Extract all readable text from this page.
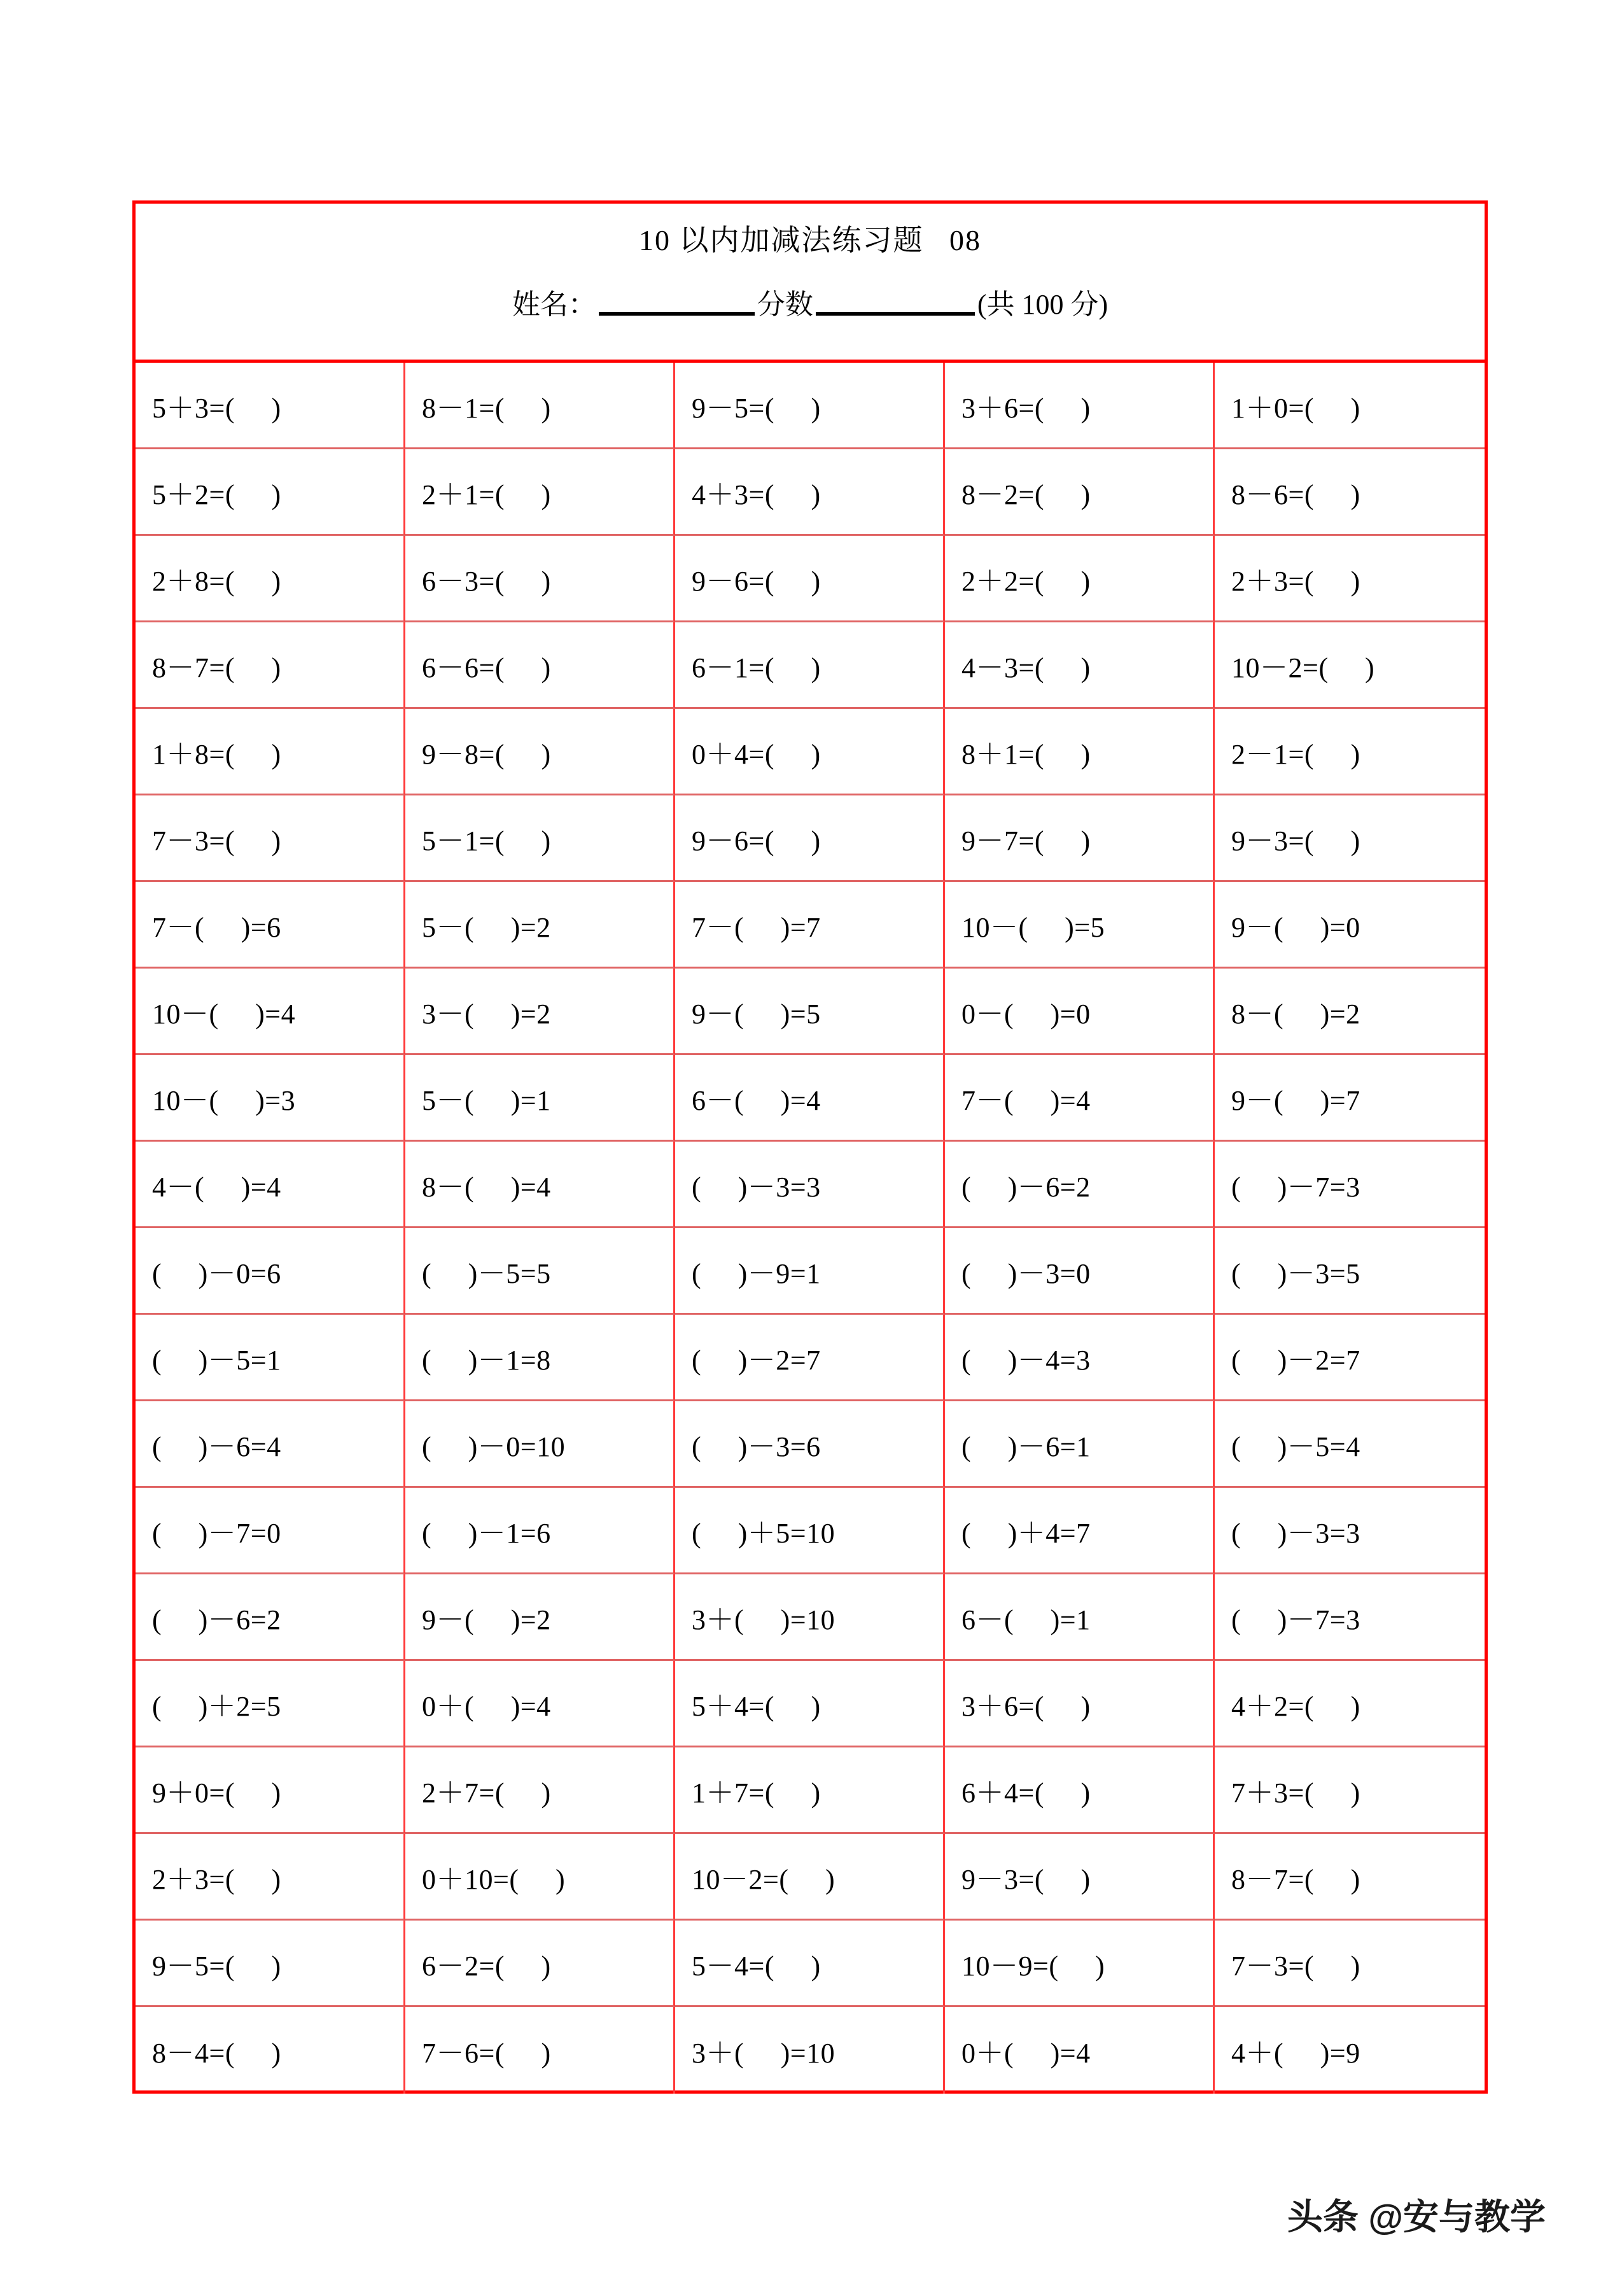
10 以内加减法练习题   08
姓名：	分数	(共 100 分)
5＋3=(     )	8－1=(     )	9－5=(     )	3＋6=(     )	1＋0=(     )
5＋2=(     )	2＋1=(     )	4＋3=(     )	8－2=(     )	8－6=(     )
2＋8=(     )	6－3=(     )	9－6=(     )	2＋2=(     )	2＋3=(     )
8－7=(     )	6－6=(     )	6－1=(     )	4－3=(     )	10－2=(     )
1＋8=(     )	9－8=(     )	0＋4=(     )	8＋1=(     )	2－1=(     )
7－3=(     )	5－1=(     )	9－6=(     )	9－7=(     )	9－3=(     )
7－(     )=6	5－(     )=2	7－(     )=7	10－(     )=5	9－(     )=0
10－(     )=4	3－(     )=2	9－(     )=5	0－(     )=0	8－(     )=2
10－(     )=3	5－(     )=1	6－(     )=4	7－(     )=4	9－(     )=7
4－(     )=4	8－(     )=4	(     )－3=3	(     )－6=2	(     )－7=3
(     )－0=6	(     )－5=5	(     )－9=1	(     )－3=0	(     )－3=5
(     )－5=1	(     )－1=8	(     )－2=7	(     )－4=3	(     )－2=7
(     )－6=4	(     )－0=10	(     )－3=6	(     )－6=1	(     )－5=4
(     )－7=0	(     )－1=6	(     )＋5=10	(     )＋4=7	(     )－3=3
(     )－6=2	9－(     )=2	3＋(     )=10	6－(     )=1	(     )－7=3
(     )＋2=5	0＋(     )=4	5＋4=(     )	3＋6=(     )	4＋2=(     )
9＋0=(     )	2＋7=(     )	1＋7=(     )	6＋4=(     )	7＋3=(     )
2＋3=(     )	0＋10=(     )	10－2=(     )	9－3=(     )	8－7=(     )
9－5=(     )	6－2=(     )	5－4=(     )	10－9=(     )	7－3=(     )
8－4=(     )	7－6=(     )	3＋(     )=10	0＋(     )=4	4＋(     )=9
头条 @安与教学
